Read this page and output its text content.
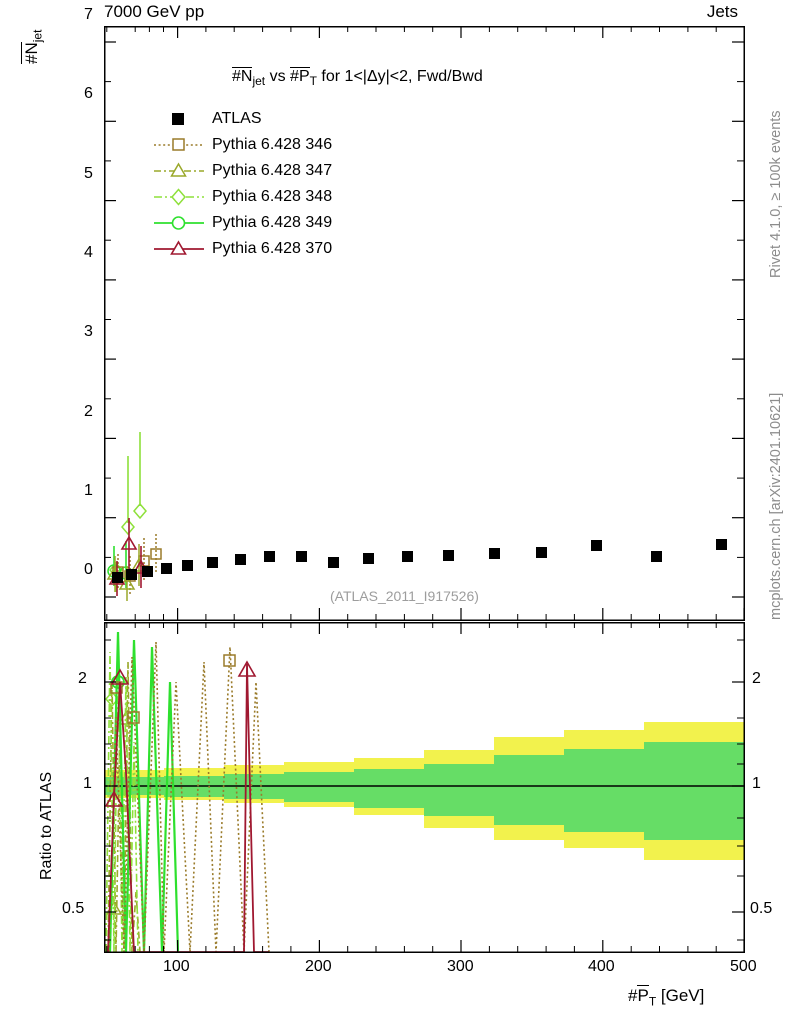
7000 GeV pp	Jets
$\#N_{jet}$
Ratio to ATLAS
Rivet 4.1.0, ≥ 100k events
mcplots.cern.ch [arXiv:2401.10621]
0
1
2
3
4
5
6
7
$\#N_{jet}$ vs $\#P_T$ for 1<|Δy|<2, Fwd/Bwd
(ATLAS_2011_I917526)
ATLAS
Pythia 6.428 346
Pythia 6.428 347
Pythia 6.428 348
Pythia 6.428 349
Pythia 6.428 370
2
1
0.5
2
1
0.5
100	200	300	400	500
$\#P_T$ [GeV]
